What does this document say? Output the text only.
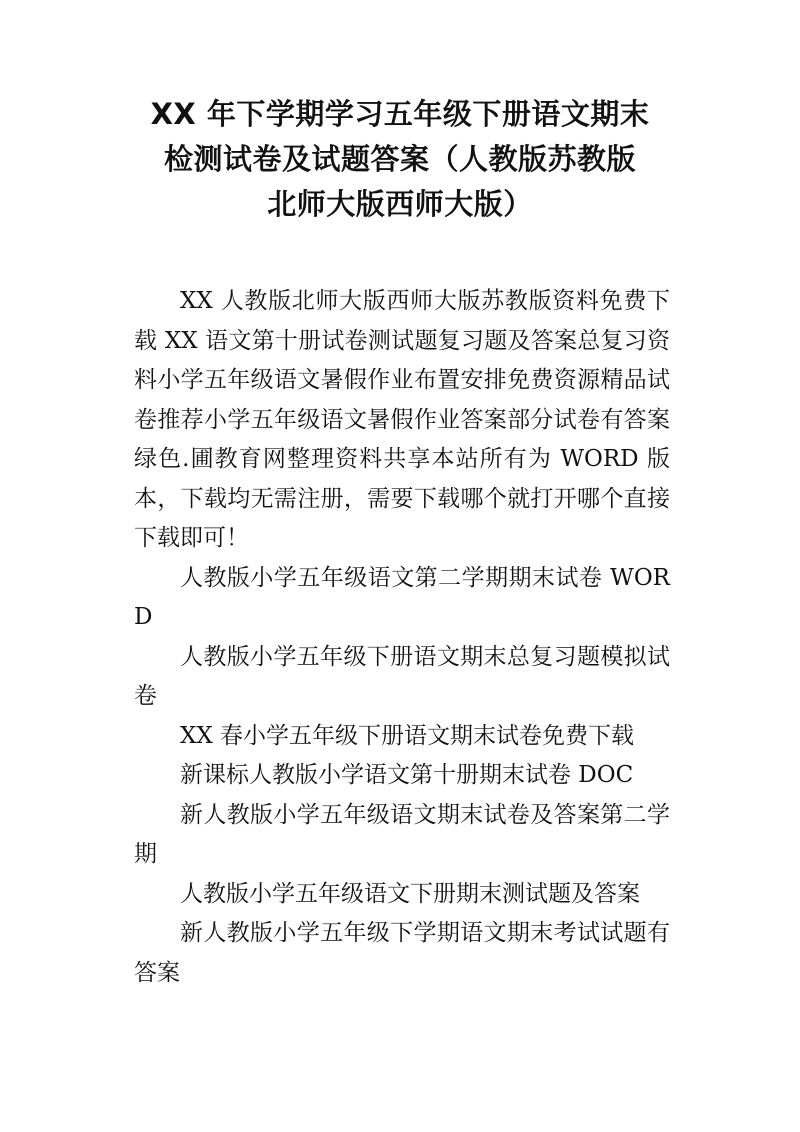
XX 年下学期学习五年级下册语文期末
检测试卷及试题答案（人教版苏教版
北师大版西师大版）

XX 人教版北师大版西师大版苏教版资料免费下载 XX 语文第十册试卷测试题复习题及答案总复习资料小学五年级语文暑假作业布置安排免费资源精品试卷推荐小学五年级语文暑假作业答案部分试卷有答案绿色.圃教育网整理资料共享本站所有为 WORD 版本，下载均无需注册，需要下载哪个就打开哪个直接下载即可！

人教版小学五年级语文第二学期期末试卷 WORD

人教版小学五年级下册语文期末总复习题模拟试卷

XX 春小学五年级下册语文期末试卷免费下载

新课标人教版小学语文第十册期末试卷 DOC

新人教版小学五年级语文期末试卷及答案第二学期

人教版小学五年级语文下册期末测试题及答案

新人教版小学五年级下学期语文期末考试试题有答案
